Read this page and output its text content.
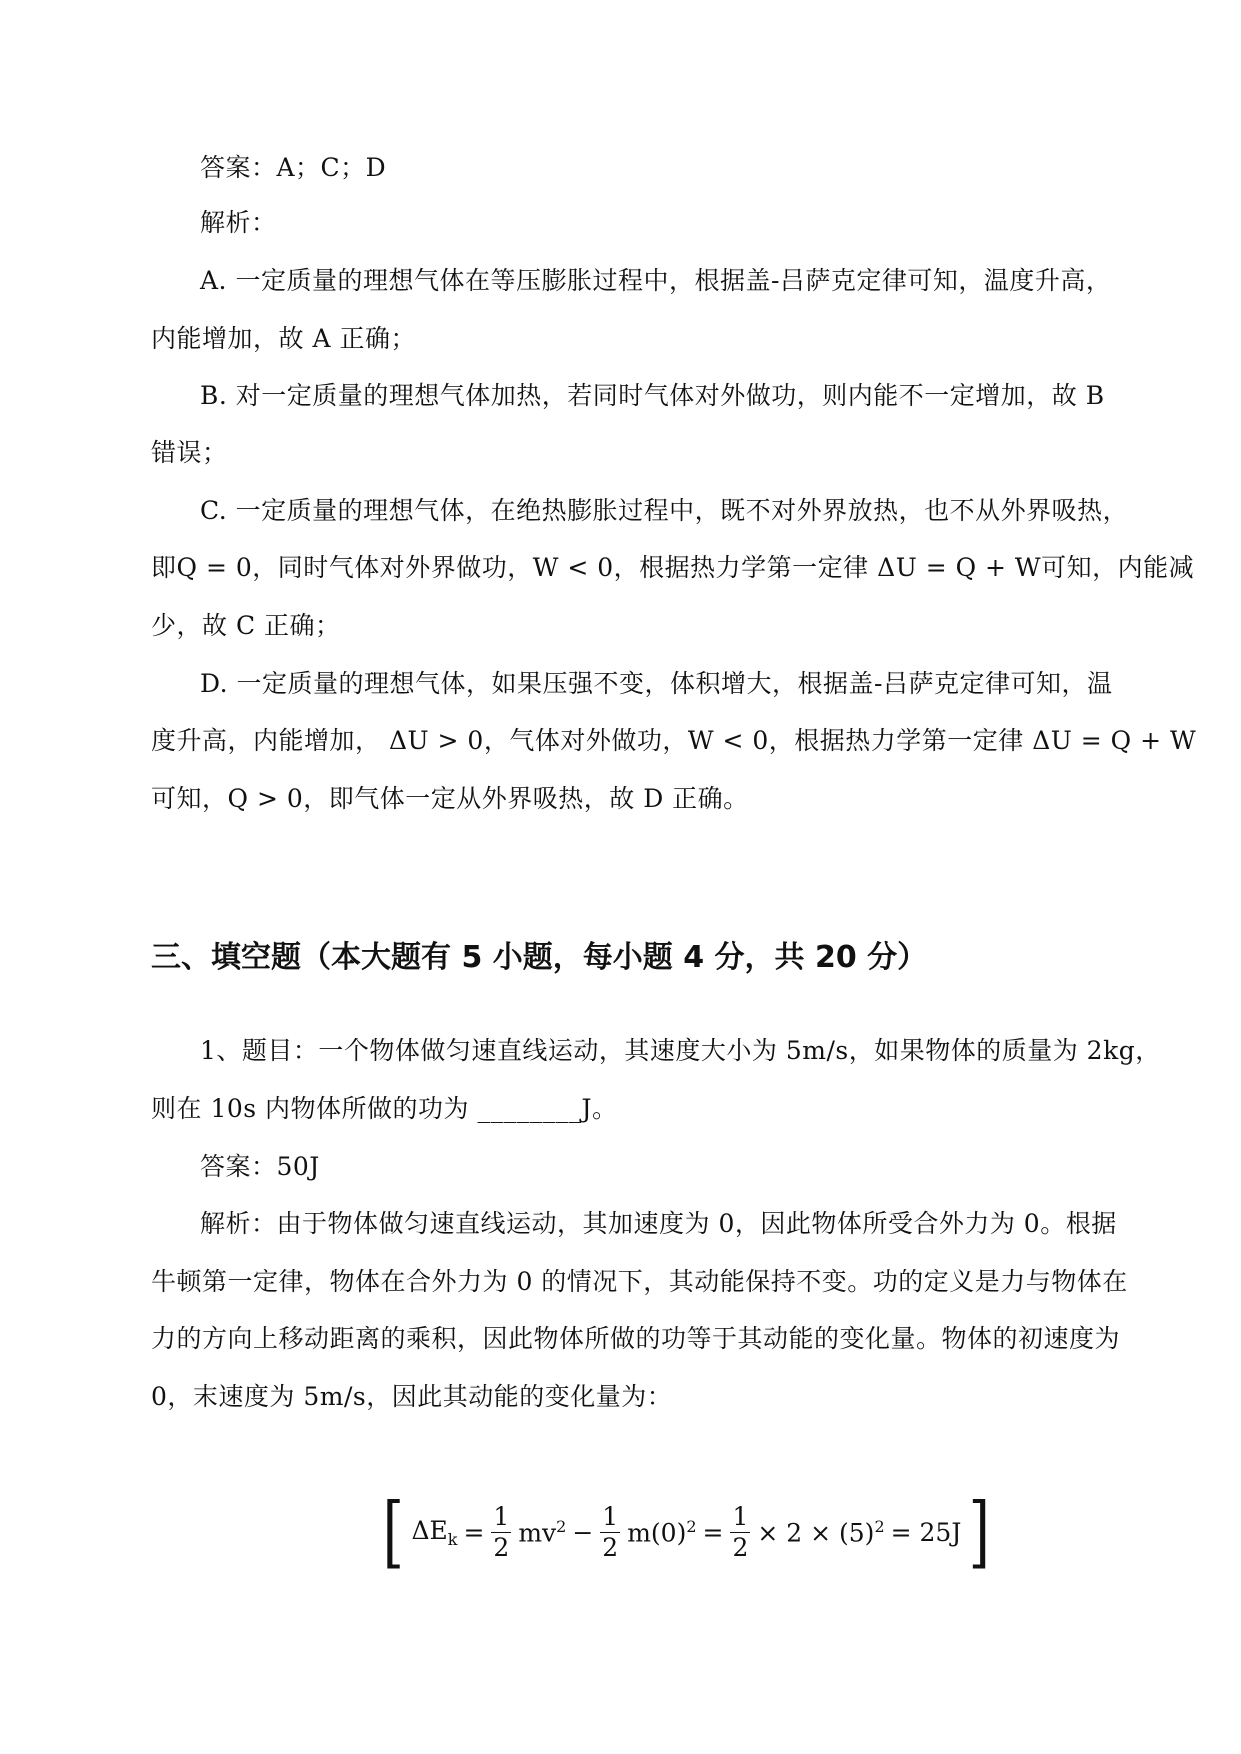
答案：A；C；D
解析：
A. 一定质量的理想气体在等压膨胀过程中，根据盖-吕萨克定律可知，温度升高，
内能增加，故 A 正确；
B. 对一定质量的理想气体加热，若同时气体对外做功，则内能不一定增加，故 B
错误；
C. 一定质量的理想气体，在绝热膨胀过程中，既不对外界放热，也不从外界吸热，
即Q = 0，同时气体对外界做功，W < 0，根据热力学第一定律 ΔU = Q + W可知，内能减
少，故 C 正确；
D. 一定质量的理想气体，如果压强不变，体积增大，根据盖-吕萨克定律可知，温
度升高，内能增加， ΔU > 0，气体对外做功，W < 0，根据热力学第一定律 ΔU = Q + W
可知，Q > 0，即气体一定从外界吸热，故 D 正确。
三、填空题（本大题有 5 小题，每小题 4 分，共 20 分）
1、题目：一个物体做匀速直线运动，其速度大小为 5m/s，如果物体的质量为 2kg，
则在 10s 内物体所做的功为 ________J。
答案：50J
解析：由于物体做匀速直线运动，其加速度为 0，因此物体所受合外力为 0。根据
牛顿第一定律，物体在合外力为 0 的情况下，其动能保持不变。功的定义是力与物体在
力的方向上移动距离的乘积，因此物体所做的功等于其动能的变化量。物体的初速度为
0，末速度为 5m/s，因此其动能的变化量为：
[ $\Delta E_k = \frac{1}{2} mv^2 - \frac{1}{2} m(0)^2 = \frac{1}{2} \times 2 \times (5)^2 = 25J$ ]
